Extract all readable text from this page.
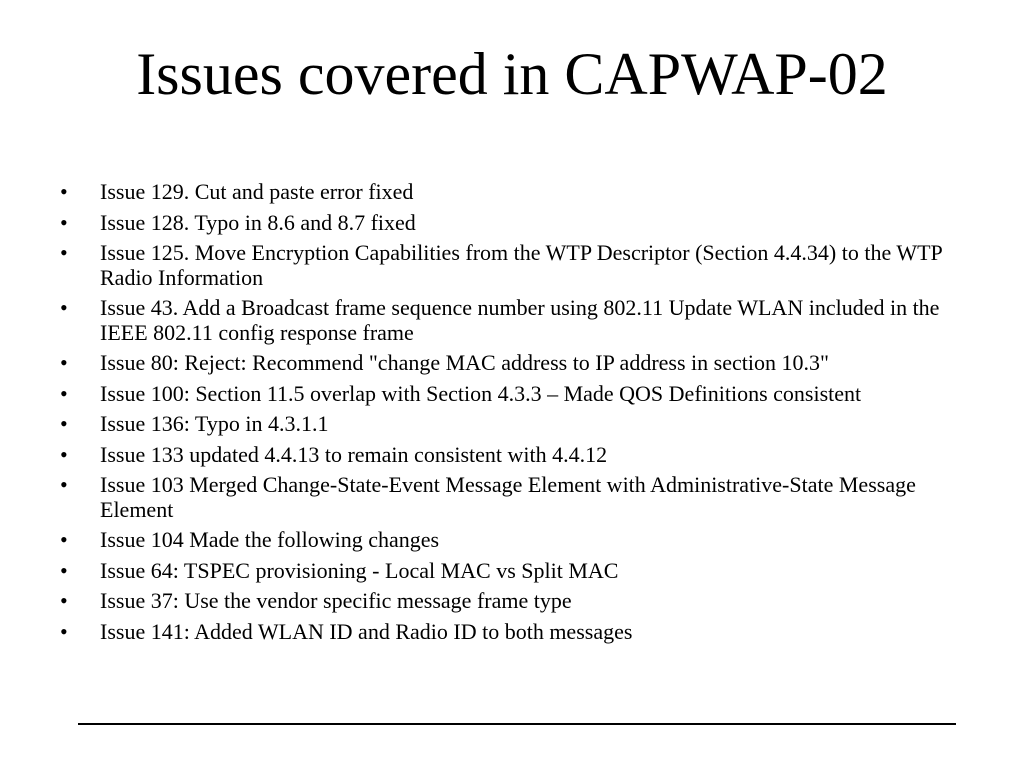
Issues covered in CAPWAP-02
• Issue 129. Cut and paste error fixed
• Issue 128. Typo in 8.6 and 8.7 fixed
• Issue 125. Move Encryption Capabilities from the WTP Descriptor (Section 4.4.34) to the WTP Radio Information
• Issue 43. Add a Broadcast frame sequence number using 802.11 Update WLAN included in the IEEE 802.11 config response frame
• Issue 80: Reject: Recommend "change MAC address to IP address in section 10.3"
• Issue 100: Section 11.5 overlap with Section 4.3.3 – Made QOS Definitions consistent
• Issue 136: Typo in 4.3.1.1
• Issue 133 updated 4.4.13 to remain consistent with 4.4.12
• Issue 103 Merged Change-State-Event Message Element with Administrative-State Message Element
• Issue 104 Made the following changes
• Issue 64: TSPEC provisioning - Local MAC vs Split MAC
• Issue 37: Use the vendor specific message frame type
• Issue 141: Added WLAN ID and Radio ID to both messages
